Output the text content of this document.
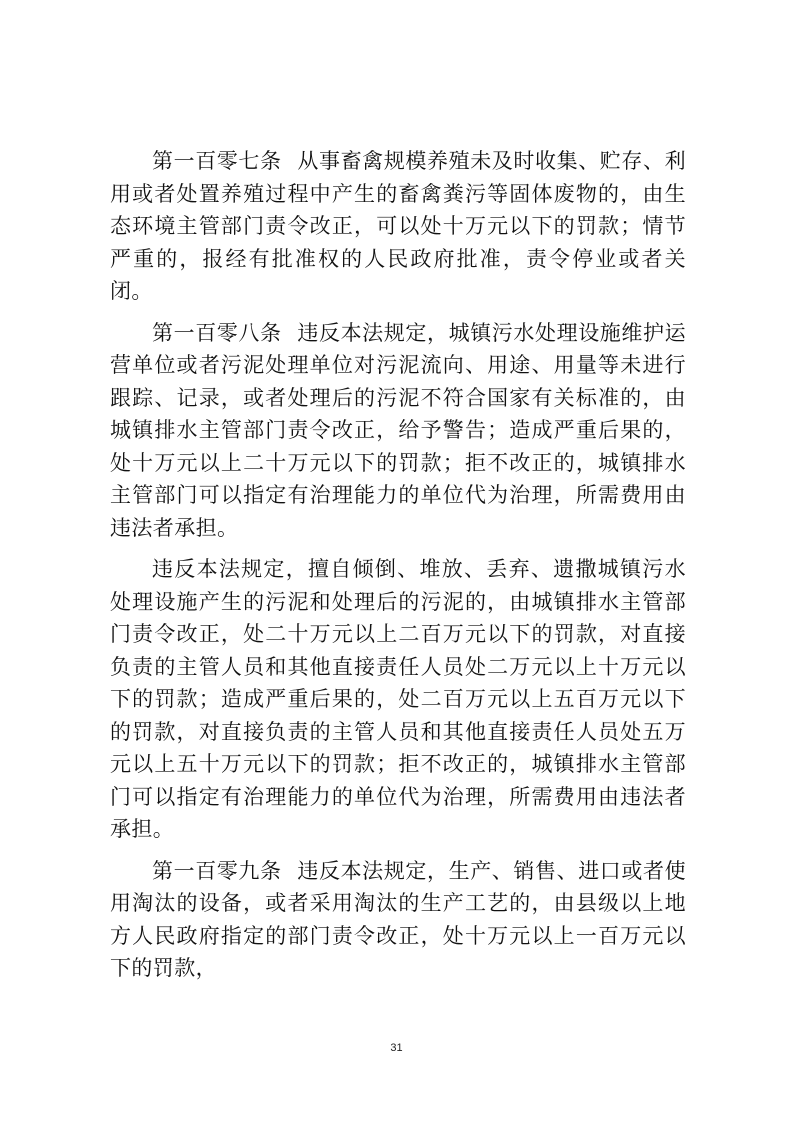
第一百零七条 从事畜禽规模养殖未及时收集、贮存、利用或者处置养殖过程中产生的畜禽粪污等固体废物的，由生态环境主管部门责令改正，可以处十万元以下的罚款；情节严重的，报经有批准权的人民政府批准，责令停业或者关闭。

第一百零八条 违反本法规定，城镇污水处理设施维护运营单位或者污泥处理单位对污泥流向、用途、用量等未进行跟踪、记录，或者处理后的污泥不符合国家有关标准的，由城镇排水主管部门责令改正，给予警告；造成严重后果的，处十万元以上二十万元以下的罚款；拒不改正的，城镇排水主管部门可以指定有治理能力的单位代为治理，所需费用由违法者承担。

违反本法规定，擅自倾倒、堆放、丢弃、遗撒城镇污水处理设施产生的污泥和处理后的污泥的，由城镇排水主管部门责令改正，处二十万元以上二百万元以下的罚款，对直接负责的主管人员和其他直接责任人员处二万元以上十万元以下的罚款；造成严重后果的，处二百万元以上五百万元以下的罚款，对直接负责的主管人员和其他直接责任人员处五万元以上五十万元以下的罚款；拒不改正的，城镇排水主管部门可以指定有治理能力的单位代为治理，所需费用由违法者承担。

第一百零九条 违反本法规定，生产、销售、进口或者使用淘汰的设备，或者采用淘汰的生产工艺的，由县级以上地方人民政府指定的部门责令改正，处十万元以上一百万元以下的罚款，

31
